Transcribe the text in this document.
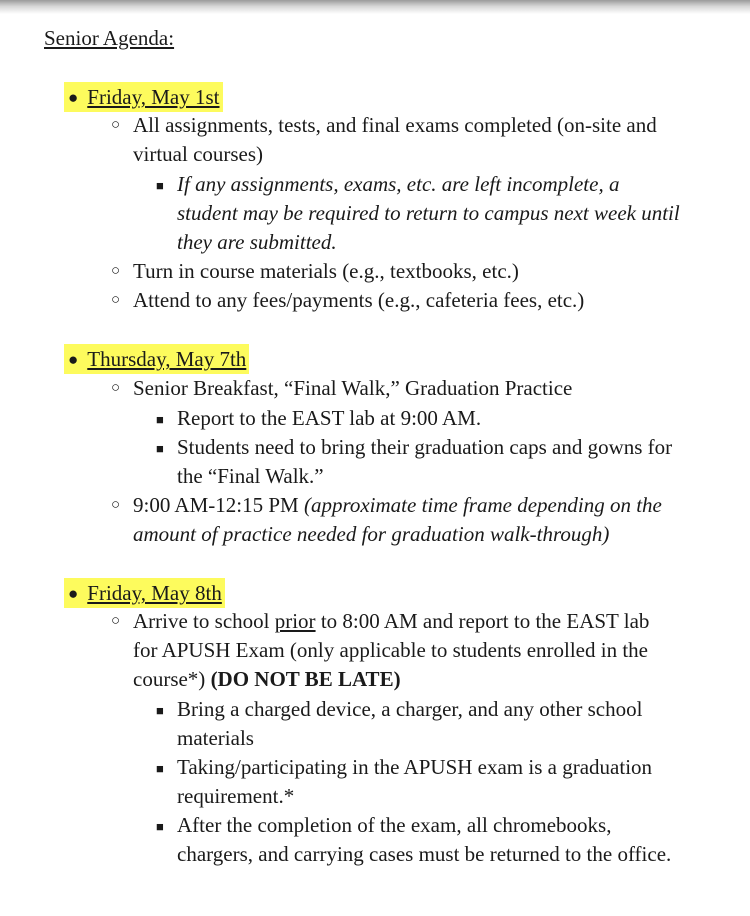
Senior Agenda:
● Friday, May 1st
○ All assignments, tests, and final exams completed (on-site and
virtual courses)
■ If any assignments, exams, etc. are left incomplete, a
student may be required to return to campus next week until
they are submitted.
○ Turn in course materials (e.g., textbooks, etc.)
○ Attend to any fees/payments (e.g., cafeteria fees, etc.)
● Thursday, May 7th
○ Senior Breakfast, “Final Walk,” Graduation Practice
■ Report to the EAST lab at 9:00 AM.
■ Students need to bring their graduation caps and gowns for
the “Final Walk.”
○ 9:00 AM-12:15 PM (approximate time frame depending on the
amount of practice needed for graduation walk-through)
● Friday, May 8th
○ Arrive to school prior to 8:00 AM and report to the EAST lab
for APUSH Exam (only applicable to students enrolled in the
course*) (DO NOT BE LATE)
■ Bring a charged device, a charger, and any other school
materials
■ Taking/participating in the APUSH exam is a graduation
requirement.*
■ After the completion of the exam, all chromebooks,
chargers, and carrying cases must be returned to the office.
